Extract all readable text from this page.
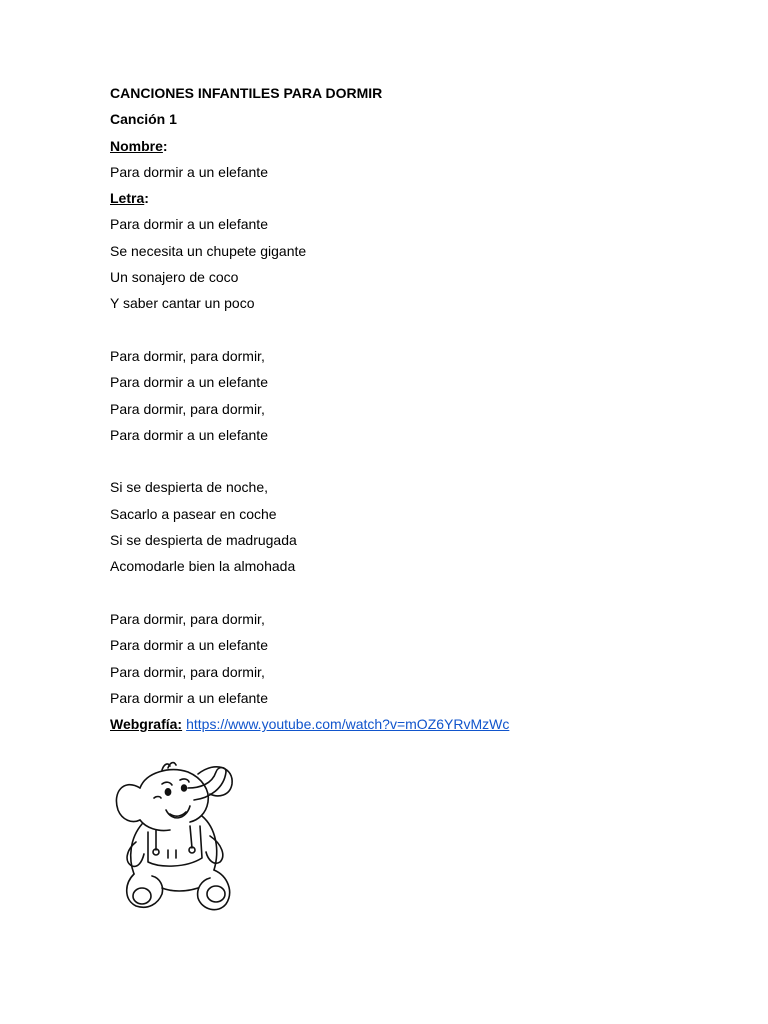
CANCIONES INFANTILES PARA DORMIR
Canción 1
Nombre:
Para dormir a un elefante
Letra:
Para dormir a un elefante
Se necesita un chupete gigante
Un sonajero de coco
Y saber cantar un poco
Para dormir, para dormir,
Para dormir a un elefante
Para dormir, para dormir,
Para dormir a un elefante
Si se despierta de noche,
Sacarlo a pasear en coche
Si se despierta de madrugada
Acomodarle bien la almohada
Para dormir, para dormir,
Para dormir a un elefante
Para dormir, para dormir,
Para dormir a un elefante
Webgrafía: https://www.youtube.com/watch?v=mOZ6YRvMzWc
